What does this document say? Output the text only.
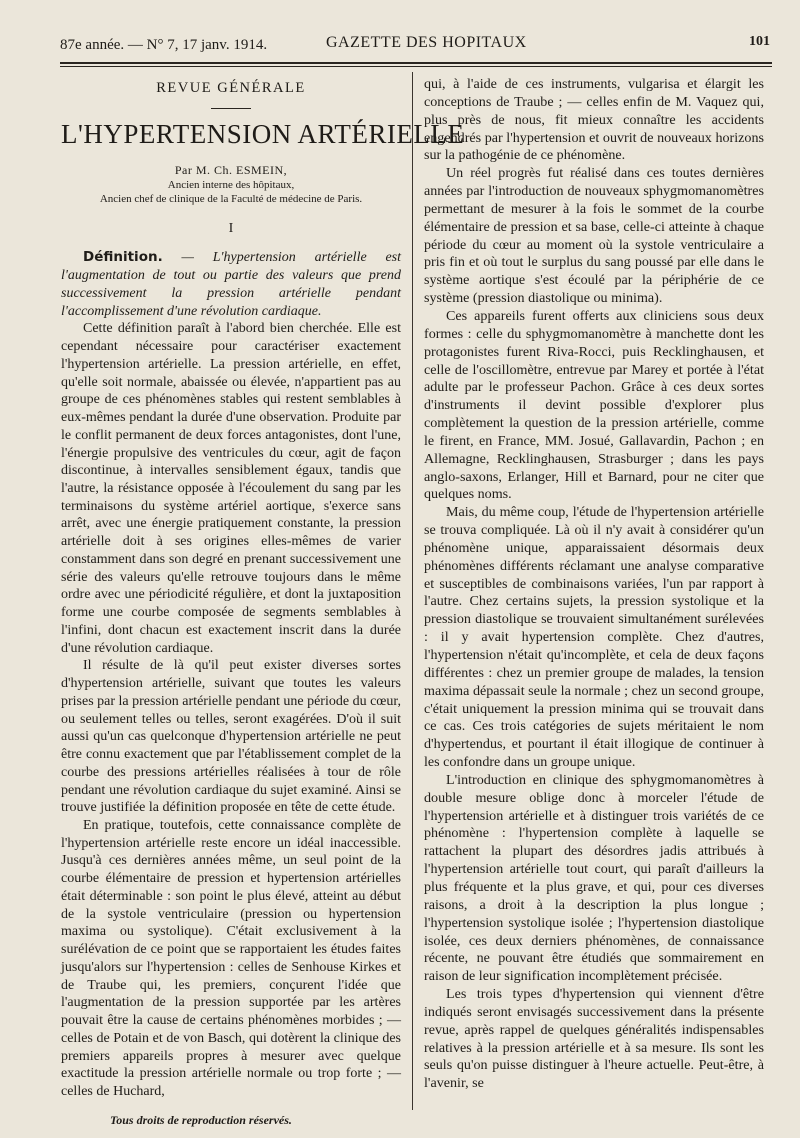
87e année. — N° 7, 17 janv. 1914.	GAZETTE DES HOPITAUX	101
REVUE GÉNÉRALE
L'HYPERTENSION ARTÉRIELLE
Par M. Ch. ESMEIN,
Ancien interne des hôpitaux,
Ancien chef de clinique de la Faculté de médecine de Paris.
I

Définition. — L'hypertension artérielle est l'augmentation de tout ou partie des valeurs que prend successivement la pression artérielle pendant l'accomplissement d'une révolution cardiaque.

Cette définition paraît à l'abord bien cherchée. Elle est cependant nécessaire pour caractériser exactement l'hypertension artérielle. La pression artérielle, en effet, qu'elle soit normale, abaissée ou élevée, n'appartient pas au groupe de ces phénomènes stables qui restent semblables à eux-mêmes pendant la durée d'une observation. Produite par le conflit permanent de deux forces antagonistes, dont l'une, l'énergie propulsive des ventricules du cœur, agit de façon discontinue, à intervalles sensiblement égaux, tandis que l'autre, la résistance opposée à l'écoulement du sang par les terminaisons du système artériel aortique, s'exerce sans arrêt, avec une énergie pratiquement constante, la pression artérielle doit à ses origines elles-mêmes de varier constamment dans son degré en prenant successivement une série des valeurs qu'elle retrouve toujours dans le même ordre avec une périodicité régulière, et dont la juxtaposition forme une courbe composée de segments semblables à l'infini, dont chacun est exactement inscrit dans la durée d'une révolution cardiaque.

Il résulte de là qu'il peut exister diverses sortes d'hypertension artérielle, suivant que toutes les valeurs prises par la pression artérielle pendant une période du cœur, ou seulement telles ou telles, seront exagérées. D'où il suit aussi qu'un cas quelconque d'hypertension artérielle ne peut être connu exactement que par l'établissement complet de la courbe des pressions artérielles réalisées à tour de rôle pendant une révolution cardiaque du sujet examiné. Ainsi se trouve justifiée la définition proposée en tête de cette étude.

En pratique, toutefois, cette connaissance complète de l'hypertension artérielle reste encore un idéal inaccessible. Jusqu'à ces dernières années même, un seul point de la courbe élémentaire de pression et hypertension artérielles était déterminable : son point le plus élevé, atteint au début de la systole ventriculaire (pression ou hypertension maxima ou systolique). C'était exclusivement à la surélévation de ce point que se rapportaient les études faites jusqu'alors sur l'hypertension : celles de Senhouse Kirkes et de Traube qui, les premiers, conçurent l'idée que l'augmentation de la pression supportée par les artères pouvait être la cause de certains phénomènes morbides ; — celles de Potain et de von Basch, qui dotèrent la clinique des premiers appareils propres à mesurer avec quelque exactitude la pression artérielle normale ou trop forte ; — celles de Huchard,

qui, à l'aide de ces instruments, vulgarisa et élargit les conceptions de Traube ; — celles enfin de M. Vaquez qui, plus près de nous, fit mieux connaître les accidents engendrés par l'hypertension et ouvrit de nouveaux horizons sur la pathogénie de ce phénomène.

Un réel progrès fut réalisé dans ces toutes dernières années par l'introduction de nouveaux sphygmomanomètres permettant de mesurer à la fois le sommet de la courbe élémentaire de pression et sa base, celle-ci atteinte à chaque période du cœur au moment où la systole ventriculaire a pris fin et où tout le surplus du sang poussé par elle dans le système aortique s'est écoulé par la périphérie de ce système (pression diastolique ou minima).

Ces appareils furent offerts aux cliniciens sous deux formes : celle du sphygmomanomètre à manchette dont les protagonistes furent Riva-Rocci, puis Recklinghausen, et celle de l'oscillomètre, entrevue par Marey et portée à l'état adulte par le professeur Pachon. Grâce à ces deux sortes d'instruments il devint possible d'explorer plus complètement la question de la pression artérielle, comme le firent, en France, MM. Josué, Gallavardin, Pachon ; en Allemagne, Recklinghausen, Strasburger ; dans les pays anglo-saxons, Erlanger, Hill et Barnard, pour ne citer que quelques noms.

Mais, du même coup, l'étude de l'hypertension artérielle se trouva compliquée. Là où il n'y avait à considérer qu'un phénomène unique, apparaissaient désormais deux phénomènes différents réclamant une analyse comparative et susceptibles de combinaisons variées, l'un par rapport à l'autre. Chez certains sujets, la pression systolique et la pression diastolique se trouvaient simultanément surélevées : il y avait hypertension complète. Chez d'autres, l'hypertension n'était qu'incomplète, et cela de deux façons différentes : chez un premier groupe de malades, la tension maxima dépassait seule la normale ; chez un second groupe, c'était uniquement la pression minima qui se trouvait dans ce cas. Ces trois catégories de sujets méritaient le nom d'hypertendus, et pourtant il était illogique de continuer à les confondre dans un groupe unique.

L'introduction en clinique des sphygmomanomètres à double mesure oblige donc à morceler l'étude de l'hypertension artérielle et à distinguer trois variétés de ce phénomène : l'hypertension complète à laquelle se rattachent la plupart des désordres jadis attribués à l'hypertension artérielle tout court, qui paraît d'ailleurs la plus fréquente et la plus grave, et qui, pour ces diverses raisons, a droit à la description la plus longue ; l'hypertension systolique isolée ; l'hypertension diastolique isolée, ces deux derniers phénomènes, de connaissance récente, ne pouvant être étudiés que sommairement en raison de leur signification incomplètement précisée.

Les trois types d'hypertension qui viennent d'être indiqués seront envisagés successivement dans la présente revue, après rappel de quelques généralités indispensables relatives à la pression artérielle et à sa mesure. Ils sont les seuls qu'on puisse distinguer à l'heure actuelle. Peut-être, à l'avenir, se

Tous droits de reproduction réservés.
